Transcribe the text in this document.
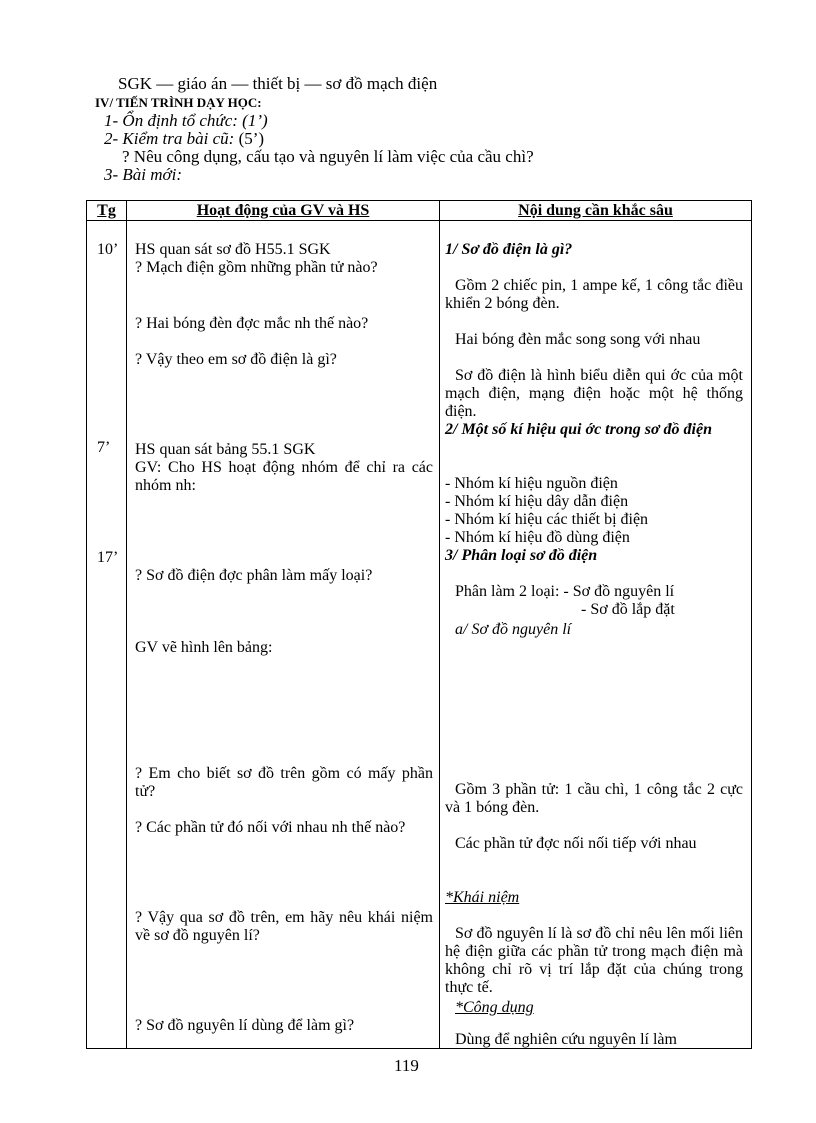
SGK — giáo án — thiết bị — sơ đồ mạch điện
IV/ TIẾN TRÌNH DẠY HỌC:
1- Ổn định tổ chức: (1’)
2- Kiểm tra bài cũ: (5’)
? Nêu công dụng, cấu tạo và nguyên lí làm việc của cầu chì?
3- Bài mới:
Tg	Hoạt động của GV và HS	Nội dung cần khắc sâu
10’
7’
17’
HS quan sát sơ đồ H55.1 SGK
? Mạch điện gồm những phần tử nào?
? Hai bóng đèn đợc mắc nh thế nào?
? Vậy theo em sơ đồ điện là gì?
HS quan sát bảng 55.1 SGK
GV: Cho HS hoạt động nhóm để chỉ ra các nhóm nh:
? Sơ đồ điện đợc phân làm mấy loại?
GV vẽ hình lên bảng:
? Em cho biết sơ đồ trên gồm có mấy phần tử?
? Các phần tử đó nối với nhau nh thế nào?
? Vậy qua sơ đồ trên, em hãy nêu khái niệm về sơ đồ nguyên lí?
? Sơ đồ nguyên lí dùng để làm gì?
1/ Sơ đồ điện là gì?
Gồm 2 chiếc pin, 1 ampe kế, 1 công tắc điều khiển 2 bóng đèn.
Hai bóng đèn mắc song song với nhau
Sơ đồ điện là hình biểu diễn qui ớc của một mạch điện, mạng điện hoặc một hệ thống điện.
2/ Một số kí hiệu qui ớc trong sơ đồ điện
- Nhóm kí hiệu nguồn điện
- Nhóm kí hiệu dây dẫn điện
- Nhóm kí hiệu các thiết bị điện
- Nhóm kí hiệu đồ dùng điện
3/ Phân loại sơ đồ điện
Phân làm 2 loại: - Sơ đồ nguyên lí
- Sơ đồ lắp đặt
a/ Sơ đồ nguyên lí
Gồm 3 phần tử: 1 cầu chì, 1 công tắc 2 cực và 1 bóng đèn.
Các phần tử đợc nối nối tiếp với nhau
*Khái niệm
Sơ đồ nguyên lí là sơ đồ chỉ nêu lên mối liên hệ điện giữa các phần tử trong mạch điện mà không chỉ rõ vị trí lắp đặt của chúng trong thực tế.
*Công dụng
Dùng để nghiên cứu nguyên lí làm
119
